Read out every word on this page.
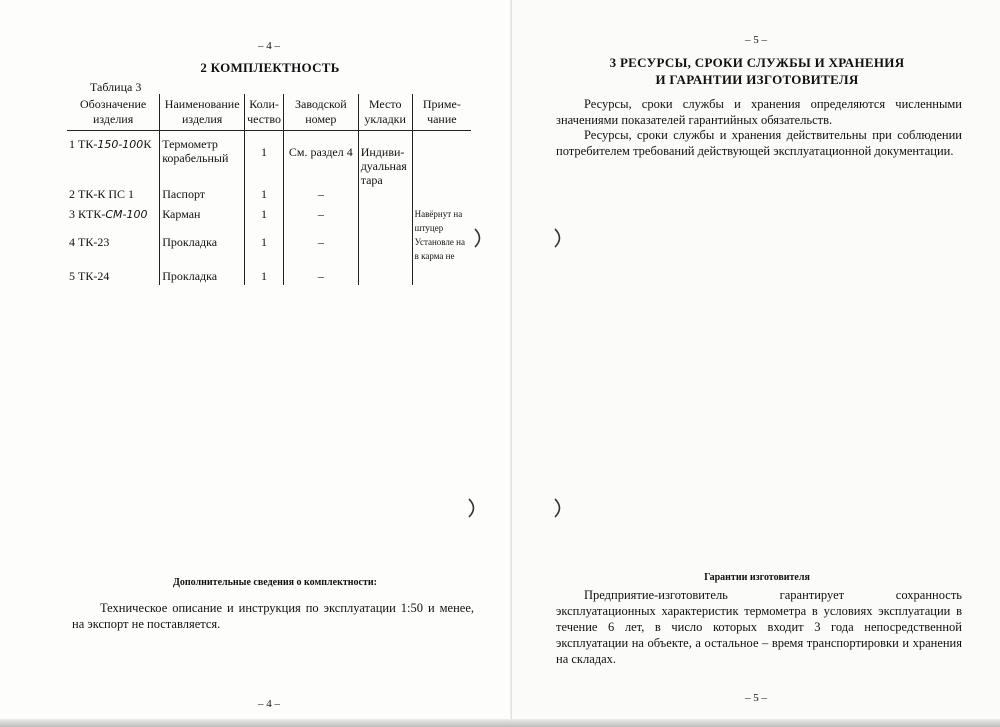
– 4 –
2 КОМПЛЕКТНОСТЬ
Таблица 3
Обозначение изделия	Наименование изделия	Коли-чество	Заводской номер	Место укладки	Приме-чание
1 ТК-150-100К	Термометр корабельный	1	См. раздел 4	Индиви-дуальная тара	
2 ТК-К ПС 1	Паспорт	1	–		
3 КТК-СМ-100	Карман	1	–		Навёрнут на штуцер
4 ТК-23	Прокладка	1	–		Установле на в карма не
5 ТК-24	Прокладка	1	–		
Дополнительные сведения о комплектности:
Техническое описание и инструкция по эксплуатации 1:50 и менее, на экспорт не поставляется.
– 4 –
– 5 –
3 РЕСУРСЫ, СРОКИ СЛУЖБЫ И ХРАНЕНИЯ
И ГАРАНТИИ ИЗГОТОВИТЕЛЯ
Ресурсы, сроки службы и хранения определяются численными значениями показателей гарантийных обязательств.
Ресурсы, сроки службы и хранения действительны при соблюдении потребителем требований действующей эксплуатационной документации.
Гарантии изготовителя
Предприятие-изготовитель гарантирует сохранность эксплуатационных характеристик термометра в условиях эксплуатации в течение 6 лет, в число которых входит 3 года непосредственной эксплуатации на объекте, а остальное – время транспортировки и хранения на складах.
– 5 –
